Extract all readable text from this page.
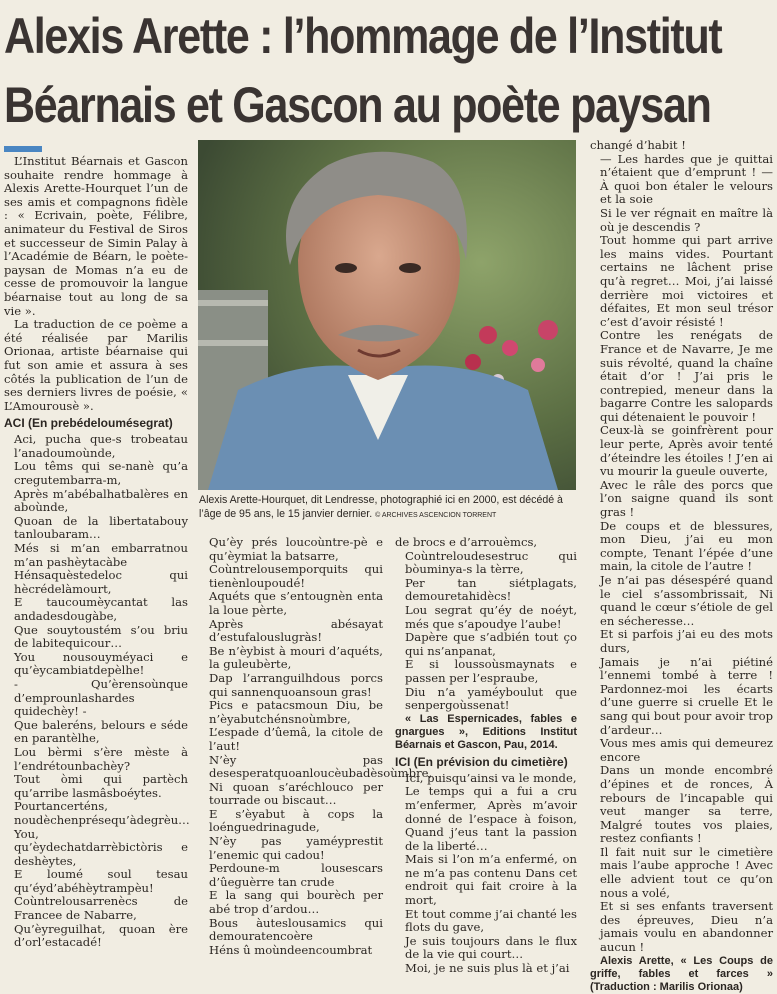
Alexis Arette : l’hommage de l’Institut
Béarnais et Gascon au poète paysan

L’Institut Béarnais et Gascon souhaite rendre hommage à Alexis Arette-Hourquet l’un de ses amis et compagnons fidèle : « Ecrivain, poète, Félibre, animateur du Festival de Siros et successeur de Simin Palay à l’Académie de Béarn, le poète-paysan de Momas n’a eu de cesse de promouvoir la langue béarnaise tout au long de sa vie ».

La traduction de ce poème a été réalisée par Marilis Orionaa, artiste béarnaise qui fut son amie et assura à ses côtés la publication de l’un de ses derniers livres de poésie, « L’Amourousè ».

ACI (En prebédeloumésegrat)

Aci, pucha que-s trobeatau l’anadoumoùnde,

Lou têms qui se-nanè qu’a cregutembarra-m,

Après m’abébalhatbalères en aboùnde,

Quoan de la libertatabouy tanloubaram…

Més si m’an embarratnou m’an pashèytacàbe

Hénsaquèstedeloc qui hècrédelàmourt,

E taucoumèycantat las andadesdougàbe,

Que souytoustém s’ou briu de labitequicour…

You nousouyméyaci e qu’èycambiatdepèlhe!

- Qu’èrensoùnque d’emprounlashardes quidechèy! -

Que baleréns, belours e séde en parantèlhe,

Lou bèrmi s’ère mèste à l’endrétounbachèy?

Tout òmi qui partèch qu’arribe lasmâsboéytes.

Pourtancerténs, noudèchenprésequ’àdegrèu…

You, qu’èydechatdarrèbictòris e deshèytes,

E loumé soul tesau qu’éyd’abéhèytrampèu!

Coùntrelousarrenècs de Francee de Nabarre,

Qu’èyreguilhat, quoan ère d’orl’estacadé!

Alexis Arette-Hourquet, dit Lendresse, photographié ici en 2000, est décédé à l’âge de 95 ans, le 15 janvier dernier. © ARCHIVES ASCENCION TORRENT

Qu’èy prés loucoùntre-pè e qu’èymiat la batsarre,

Coùntrelousemporquits qui tienènloupoudé!

Aquéts que s’entougnèn enta la loue pèrte,

Après abésayat d’estufalouslugràs!

Be n’èybist à mouri d’aquéts, la guleubèrte,

Dap l’arranguilhdous porcs qui sannenquoansoun gras!

Pics e patacsmoun Diu, be n’èyabutchénsnoùmbre,

L’espade d’ûemâ, la citole de l’aut!

N’èy pas desesperatquoanloucèubadèsoùmbre,

Ni quoan s’aréchlouco per tourrade ou biscaut…

E s’èyabut à cops la loénguedrinagude,

N’èy pas yaméyprestit l’enemic qui cadou!

Perdoune-m lousescars d’ûeguèrre tan crude

E la sang qui bourèch per abé trop d’ardou…

Bous àuteslousamics qui demouratencoère

Héns û moùndeencoumbrat

de brocs e d’arrouèmcs,

Coùntreloudesestruc qui bòuminya-s la tèrre,

Per tan siétplagats, demouretahidècs!

Lou segrat qu’éy de noéyt, més que s’apoudye l’aube!

Dapère que s’adbién tout ço qui ns’anpanat,

E si loussoùsmaynats e passen per l’espraube,

Diu n’a yaméyboulut que senpergoùssenat!

« Las Espernicades, fables e gnargues », Editions Institut Béarnais et Gascon, Pau, 2014.

ICI (En prévision du cimetière)

Ici, puisqu’ainsi va le monde,

Le temps qui a fui a cru m’enfermer, Après m’avoir donné de l’espace à foison, Quand j’eus tant la passion de la liberté…

Mais si l’on m’a enfermé, on ne m’a pas contenu Dans cet endroit qui fait croire à la mort,

Et tout comme j’ai chanté les flots du gave,

Je suis toujours dans le flux de la vie qui court…

Moi, je ne suis plus là et j’ai

changé d’habit !

— Les hardes que je quittai n’étaient que d’emprunt ! — À quoi bon étaler le velours et la soie

Si le ver régnait en maître là où je descendis ?

Tout homme qui part arrive les mains vides. Pourtant certains ne lâchent prise qu’à regret… Moi, j’ai laissé derrière moi victoires et défaites, Et mon seul trésor c’est d’avoir résisté !

Contre les renégats de France et de Navarre, Je me suis révolté, quand la chaîne était d’or ! J’ai pris le contrepied, meneur dans la bagarre Contre les salopards qui détenaient le pouvoir !

Ceux-là se goinfrèrent pour leur perte, Après avoir tenté d’éteindre les étoiles ! J’en ai vu mourir la gueule ouverte,

Avec le râle des porcs que l’on saigne quand ils sont gras !

De coups et de blessures, mon Dieu, j’ai eu mon compte, Tenant l’épée d’une main, la citole de l’autre !

Je n’ai pas désespéré quand le ciel s’assombrissait, Ni quand le cœur s’étiole de gel en sécheresse…

Et si parfois j’ai eu des mots durs,

Jamais je n’ai piétiné l’ennemi tombé à terre ! Pardonnez-moi les écarts d’une guerre si cruelle Et le sang qui bout pour avoir trop d’ardeur…

Vous mes amis qui demeurez encore

Dans un monde encombré d’épines et de ronces, À rebours de l’incapable qui veut manger sa terre, Malgré toutes vos plaies, restez confiants !

Il fait nuit sur le cimetière mais l’aube approche ! Avec elle advient tout ce qu’on nous a volé,

Et si ses enfants traversent des épreuves, Dieu n’a jamais voulu en abandonner aucun !

Alexis Arette, « Les Coups de griffe, fables et farces » (Traduction : Marilis Orionaa)
